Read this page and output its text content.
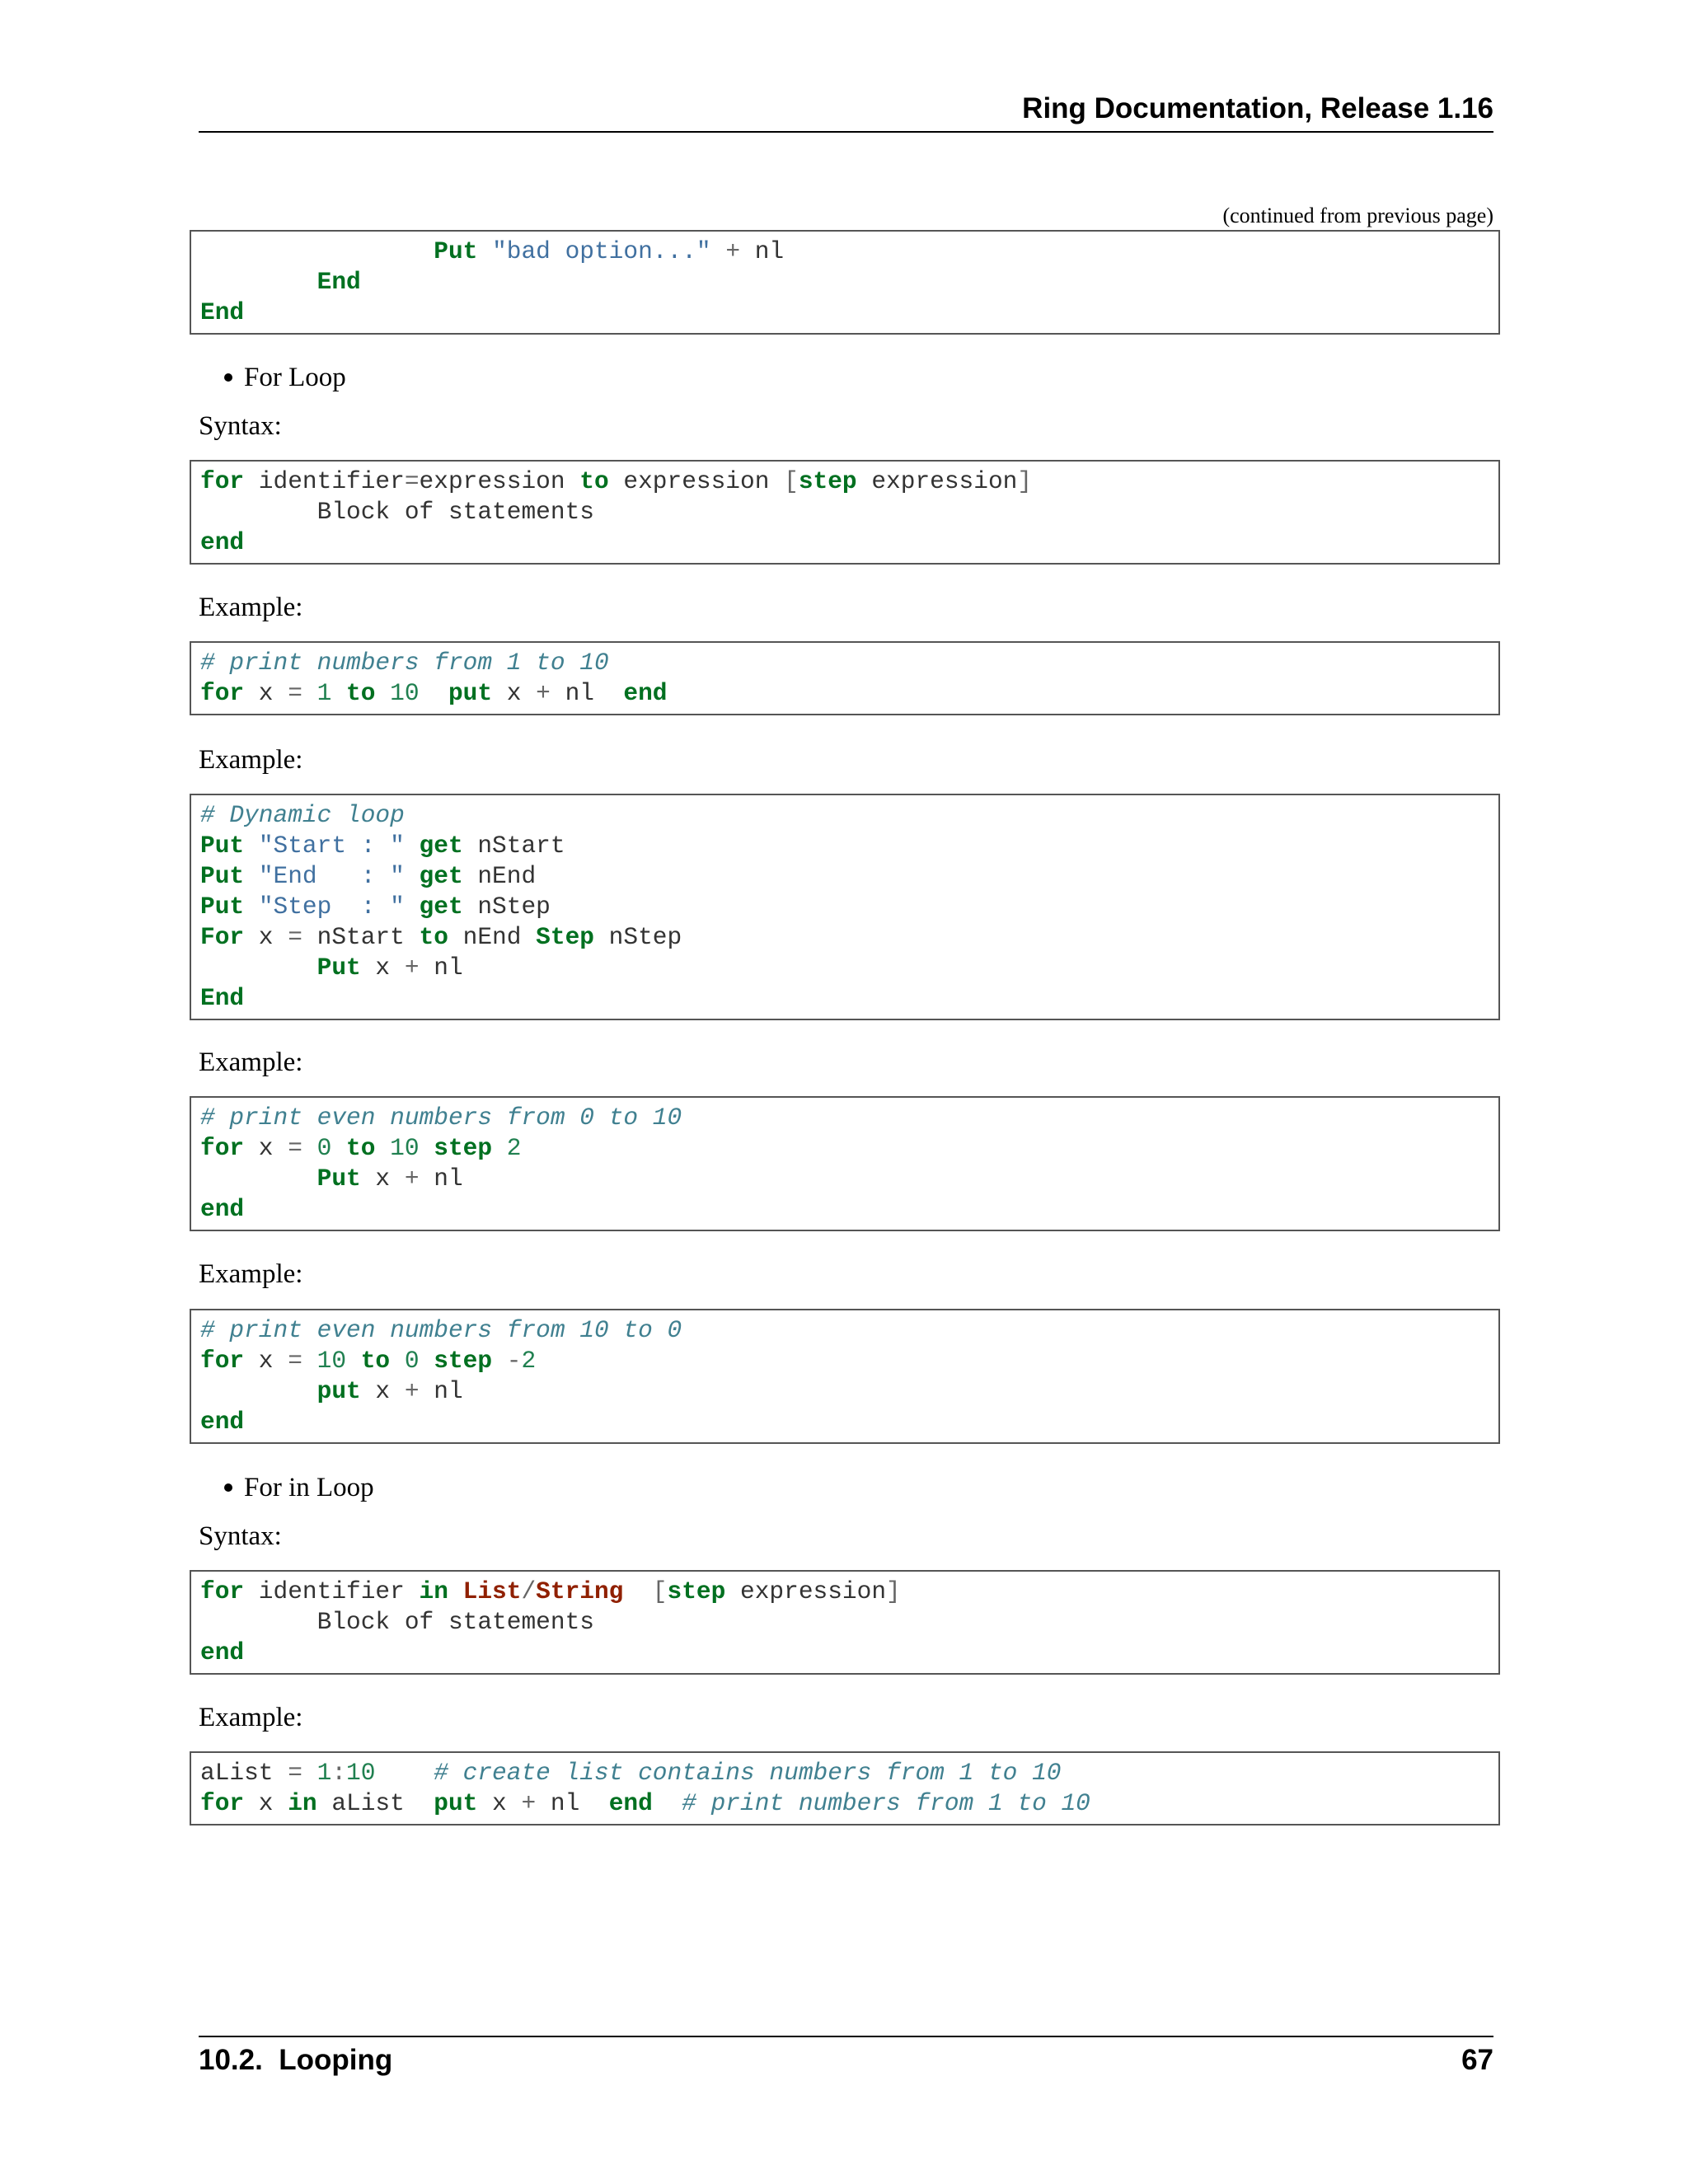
Ring Documentation, Release 1.16
(continued from previous page)
Put "bad option..." + nl
End
End
For Loop
Syntax:
for identifier=expression to expression [step expression]
Block of statements
end
Example:
# print numbers from 1 to 10
for x = 1 to 10 put x + nl  end
Example:
# Dynamic loop
Put "Start : " get nStart
Put "End   : " get nEnd
Put "Step  : " get nStep
For x = nStart to nEnd Step nStep
Put x + nl
End
Example:
# print even numbers from 0 to 10
for x = 0 to 10 step 2
Put x + nl
end
Example:
# print even numbers from 10 to 0
for x = 10 to 0 step -2
put x + nl
end
For in Loop
Syntax:
for identifier in List/String [step expression]
Block of statements
end
Example:
aList = 1:10 # create list contains numbers from 1 to 10
for x in aList  put x + nl  end # print numbers from 1 to 10
10.2.  Looping	67
